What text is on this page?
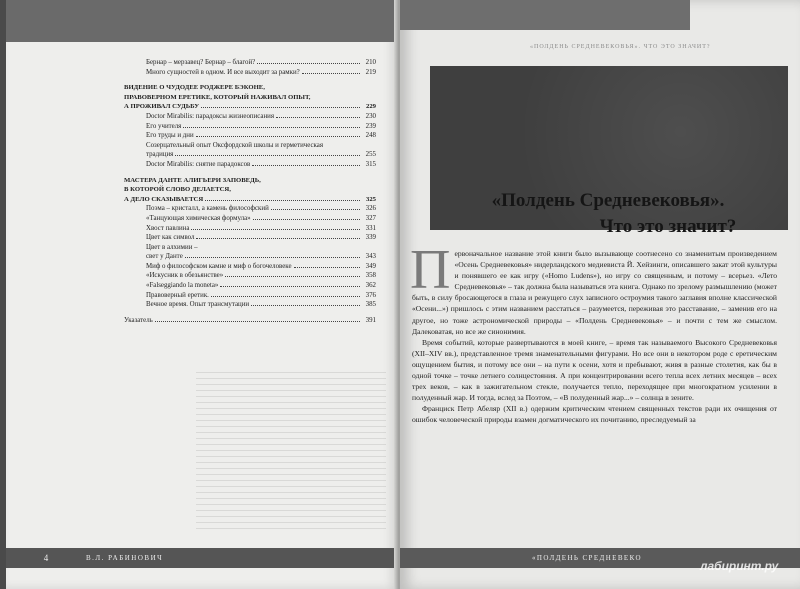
Бернар – мерзавец? Бернар – благой?	210
Много сущностей в одном. И все выходит за рамки?	219
ВИДЕНИЕ О ЧУДОДЕЕ РОДЖЕРЕ БЭКОНЕ,
ПРАВОВЕРНОМ ЕРЕТИКЕ, КОТОРЫЙ НАЖИВАЛ ОПЫТ,
А ПРОЖИВАЛ СУДЬБУ	229
Doctor Mirabilis: парадоксы жизнеописания	230
Его учителя	239
Его труды и дни	248
Созерцательный опыт Оксфордской школы и герметическая
традиция	255
Doctor Mirabilis: снятие парадоксов	315
МАСТЕРА ДАНТЕ АЛИГЬЕРИ ЗАПОВЕДЬ,
В КОТОРОЙ СЛОВО ДЕЛАЕТСЯ,
А ДЕЛО СКАЗЫВАЕТСЯ	325
Поэма – кристалл, а камень философский	326
«Танцующая химическая формула»	327
Хвост павлина	331
Цвет как символ	339
Цвет в алхимии –
свет у Данте	343
Миф о философском камне и миф о богочеловеке	349
«Искусник в обезьянстве»	358
«Falsеggiando la moneta»	362
Правоверный еретик.	376
Вечное время. Опыт трансмутации	385
Указатель	391
4	В.Л. РАБИНОВИЧ
«ПОЛДЕНЬ СРЕДНЕВЕКОВЬЯ». ЧТО ЭТО ЗНАЧИТ?
«Полдень Средневековья».
Что это значит?

Первоначальное название этой книги было вызывающе соотнесено со знаменитым произведением «Осень Средневековья» нидерландского медиевиста Й. Хейзинги, описавшего закат этой культуры и понявшего ее как игру («Homo Ludens»), но игру со священным, и потому – всерьез. «Лето Средневековья» – так должна была называться эта книга. Однако по зрелому размышлению (может быть, в силу бросающегося в глаза и режущего слух записного остроумия такого заглавия вполне классической «Осени...») пришлось с этим названием расстаться – разумеется, переживая это расставание, – заменив его на другое, но тоже астрономической природы – «Полдень Средневековья» – и почти с тем же смыслом. Далековатая, но все же синонимия.

Время событий, которые развертываются в моей книге, – время так называемого Высокого Средневековья (XII–XIV вв.), представленное тремя знаменательными фигурами. Но все они в некотором роде с еретическим ощущением бытия, и потому все они – на пути к осени, хотя и пребывают, живя в разные столетия, как бы в одной точке – точке летнего солнцестояния. А при концентрировании всего тепла всех летних месяцев – всех трех веков, – как в зажигательном стекле, получается тепло, переходящее при многократном усилении в полуденный жар. И тогда, вслед за Поэтом, – «В полуденный жар...» – солнца в зените.

Франциск Петр Абеляр (XII в.) одержим критическим чтением священных текстов ради их очищения от ошибок человеческой природы взамен догматического их почитанию, преследуемый за

«ПОЛДЕНЬ СРЕДНЕВЕКО
лабиринт.ру
